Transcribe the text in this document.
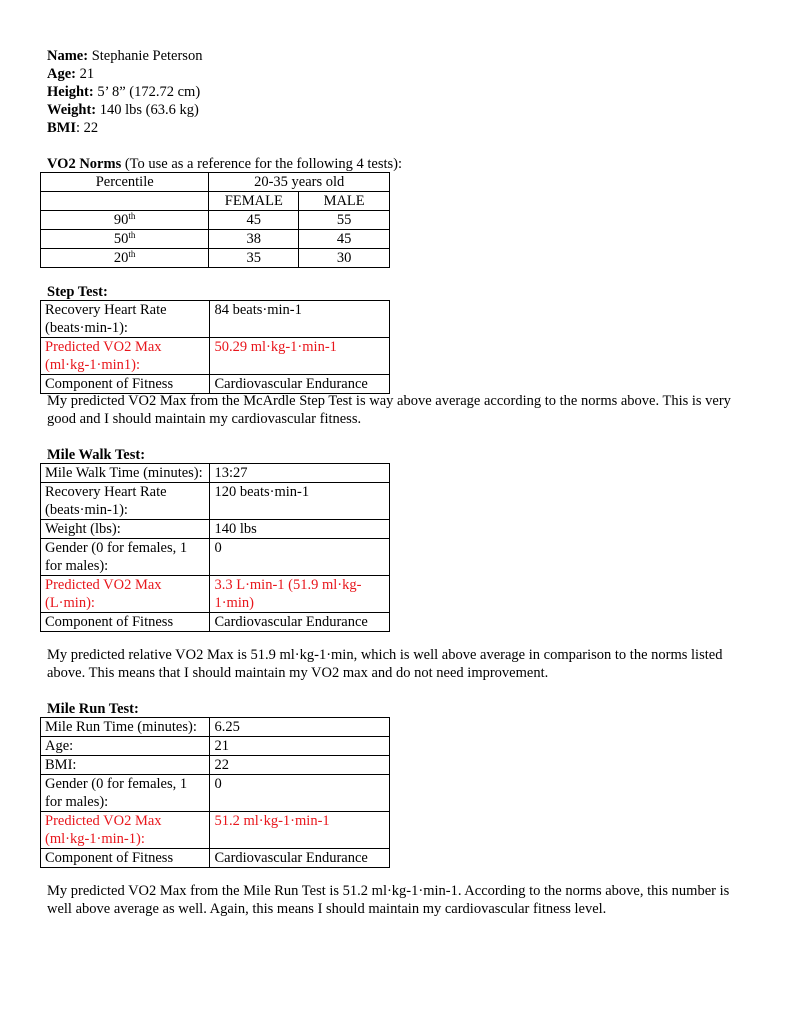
Name: Stephanie Peterson
Age: 21
Height: 5’ 8” (172.72 cm)
Weight: 140 lbs (63.6 kg)
BMI: 22
VO2 Norms (To use as a reference for the following 4 tests):
Percentile	20-35 years old	
	FEMALE	MALE
90th	45	55
50th	38	45
20th	35	30
Step Test:
Recovery Heart Rate (beats·min-1):	84 beats·min-1
Predicted VO2 Max (ml·kg-1·min1):	50.29 ml·kg-1·min-1
Component of Fitness	Cardiovascular Endurance
My predicted VO2 Max from the McArdle Step Test is way above average according to the norms above. This is very good and I should maintain my cardiovascular fitness.
Mile Walk Test:
Mile Walk Time (minutes):	13:27
Recovery Heart Rate (beats·min-1):	120 beats·min-1
Weight (lbs):	140 lbs
Gender (0 for females, 1 for males):	0
Predicted VO2 Max (L·min):	3.3 L·min-1 (51.9 ml·kg-1·min)
Component of Fitness	Cardiovascular Endurance
My predicted relative VO2 Max is 51.9 ml·kg-1·min, which is well above average in comparison to the norms listed above. This means that I should maintain my VO2 max and do not need improvement.
Mile Run Test:
Mile Run Time (minutes):	6.25
Age:	21
BMI:	22
Gender (0 for females, 1 for males):	0
Predicted VO2 Max (ml·kg-1·min-1):	51.2 ml·kg-1·min-1
Component of Fitness	Cardiovascular Endurance
My predicted VO2 Max from the Mile Run Test is 51.2 ml·kg-1·min-1. According to the norms above, this number is well above average as well. Again, this means I should maintain my cardiovascular fitness level.
